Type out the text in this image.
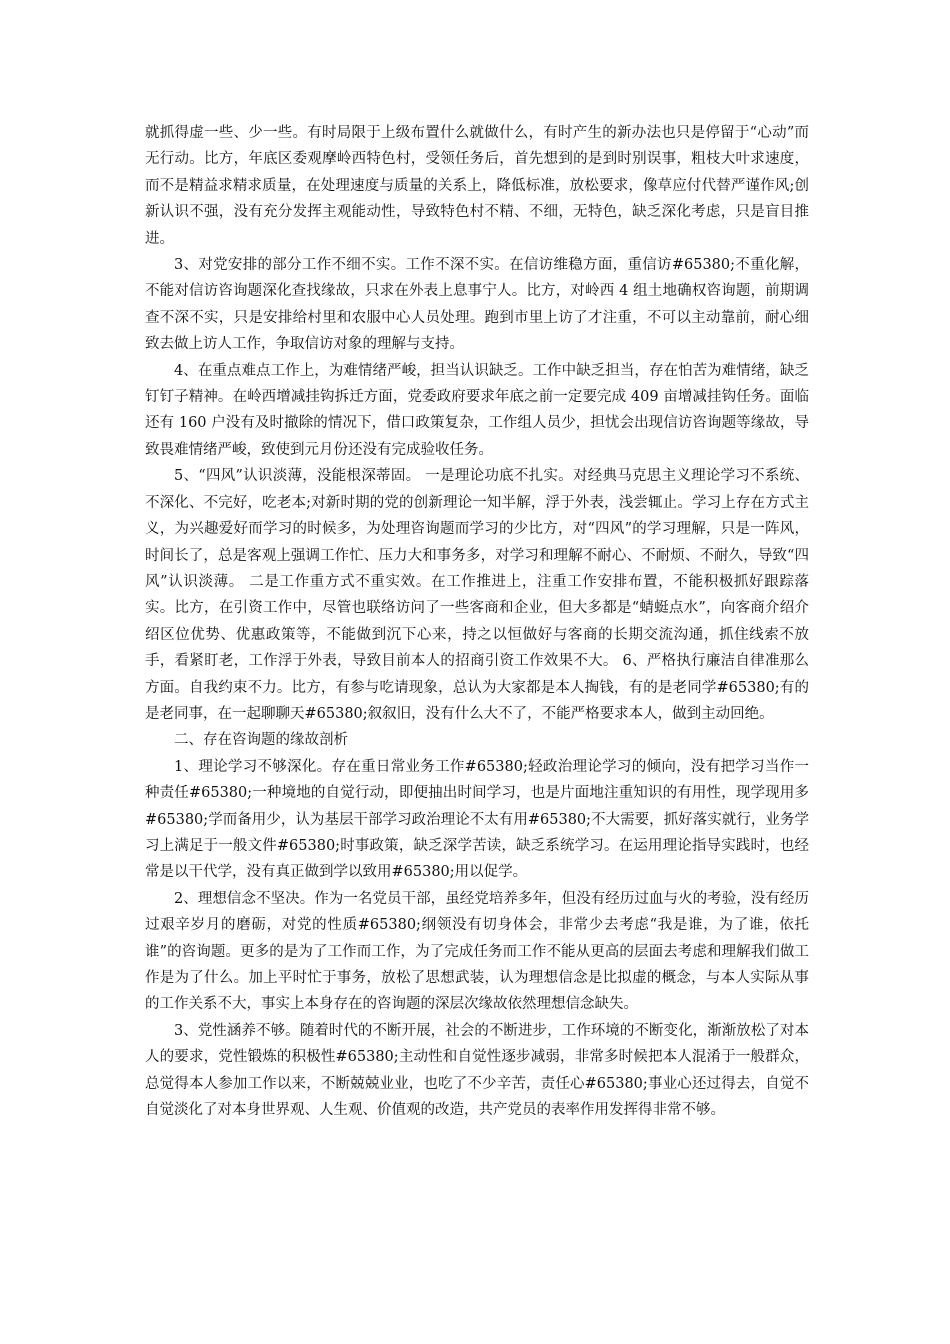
就抓得虚一些、少一些。有时局限于上级布置什么就做什么，有时产生的新办法也只是停留于“心动”而无行动。比方，年底区委观摩岭西特色村，受领任务后，首先想到的是到时别误事，粗枝大叶求速度，而不是精益求精求质量，在处理速度与质量的关系上，降低标准，放松要求，像草应付代替严谨作风;创新认识不强，没有充分发挥主观能动性，导致特色村不精、不细，无特色，缺乏深化考虑，只是盲目推进。

3、对党安排的部分工作不细不实。工作不深不实。在信访维稳方面，重信访#65380;不重化解，不能对信访咨询题深化查找缘故，只求在外表上息事宁人。比方，对岭西 4 组土地确权咨询题，前期调查不深不实，只是安排给村里和农服中心人员处理。跑到市里上访了才注重，不可以主动靠前，耐心细致去做上访人工作，争取信访对象的理解与支持。

4、在重点难点工作上，为难情绪严峻，担当认识缺乏。工作中缺乏担当，存在怕苦为难情绪，缺乏钉钉子精神。在岭西增减挂钩拆迁方面，党委政府要求年底之前一定要完成 409 亩增减挂钩任务。面临还有 160 户没有及时撤除的情况下，借口政策复杂，工作组人员少，担忧会出现信访咨询题等缘故，导致畏难情绪严峻，致使到元月份还没有完成验收任务。

5、“四风”认识淡薄，没能根深蒂固。 一是理论功底不扎实。对经典马克思主义理论学习不系统、不深化、不完好，吃老本;对新时期的党的创新理论一知半解，浮于外表，浅尝辄止。学习上存在方式主义，为兴趣爱好而学习的时候多，为处理咨询题而学习的少比方，对“四风”的学习理解，只是一阵风，时间长了，总是客观上强调工作忙、压力大和事务多，对学习和理解不耐心、不耐烦、不耐久，导致“四风”认识淡薄。 二是工作重方式不重实效。在工作推进上，注重工作安排布置，不能积极抓好跟踪落实。比方，在引资工作中，尽管也联络访问了一些客商和企业，但大多都是“蜻蜓点水”，向客商介绍介绍区位优势、优惠政策等，不能做到沉下心来，持之以恒做好与客商的长期交流沟通，抓住线索不放手，看紧盯老，工作浮于外表，导致目前本人的招商引资工作效果不大。 6、严格执行廉洁自律准那么方面。自我约束不力。比方，有参与吃请现象，总认为大家都是本人掏钱，有的是老同学#65380;有的是老同事，在一起聊聊天#65380;叙叙旧，没有什么大不了，不能严格要求本人，做到主动回绝。

二、存在咨询题的缘故剖析

1、理论学习不够深化。存在重日常业务工作#65380;轻政治理论学习的倾向，没有把学习当作一种责任#65380;一种境地的自觉行动，即便抽出时间学习，也是片面地注重知识的有用性，现学现用多#65380;学而备用少，认为基层干部学习政治理论不太有用#65380;不大需要，抓好落实就行，业务学习上满足于一般文件#65380;时事政策，缺乏深学苦读，缺乏系统学习。在运用理论指导实践时，也经常是以干代学，没有真正做到学以致用#65380;用以促学。

2、理想信念不坚决。作为一名党员干部，虽经党培养多年，但没有经历过血与火的考验，没有经历过艰辛岁月的磨砺，对党的性质#65380;纲领没有切身体会，非常少去考虑“我是谁，为了谁，依托谁”的咨询题。更多的是为了工作而工作，为了完成任务而工作不能从更高的层面去考虑和理解我们做工作是为了什么。加上平时忙于事务，放松了思想武装，认为理想信念是比拟虚的概念，与本人实际从事的工作关系不大，事实上本身存在的咨询题的深层次缘故依然理想信念缺失。

3、党性涵养不够。随着时代的不断开展，社会的不断进步，工作环境的不断变化，渐渐放松了对本人的要求，党性锻炼的积极性#65380;主动性和自觉性逐步减弱，非常多时候把本人混淆于一般群众，总觉得本人参加工作以来，不断兢兢业业，也吃了不少辛苦，责任心#65380;事业心还过得去，自觉不自觉淡化了对本身世界观、人生观、价值观的改造，共产党员的表率作用发挥得非常不够。
